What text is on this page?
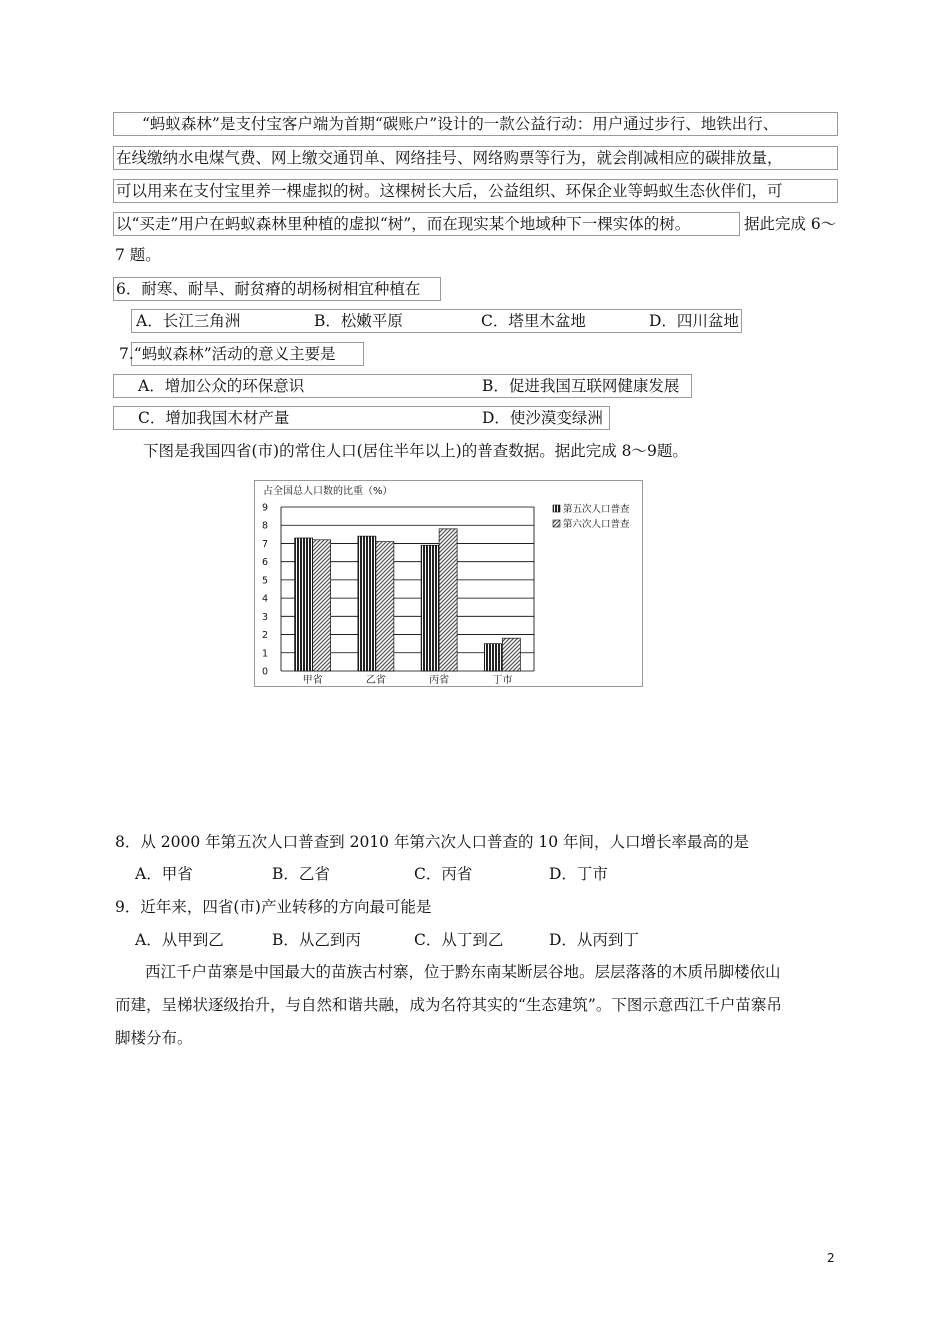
“蚂蚁森林”是支付宝客户端为首期“碳账户”设计的一款公益行动：用户通过步行、地铁出行、
在线缴纳水电煤气费、网上缴交通罚单、网络挂号、网络购票等行为，就会削减相应的碳排放量，
可以用来在支付宝里养一棵虚拟的树。这棵树长大后，公益组织、环保企业等蚂蚁生态伙伴们，可
以“买走”用户在蚂蚁森林里种植的虚拟“树”，而在现实某个地域种下一棵实体的树。	据此完成 6～
7 题。
6．耐寒、耐旱、耐贫瘠的胡杨树相宜种植在
A．长江三角洲	B．松嫩平原	C．塔里木盆地	D．四川盆地
7.“蚂蚁森林”活动的意义主要是
A．增加公众的环保意识	B．促进我国互联网健康发展
C．增加我国木材产量	D．使沙漠变绿洲
下图是我国四省(市)的常住人口(居住半年以上)的普查数据。据此完成 8～9题。
占全国总人口数的比重（%）
0
1
2
3
4
5
6
7
8
9
甲省	乙省	丙省	丁市
第五次人口普查
第六次人口普查
8．从 2000 年第五次人口普查到 2010 年第六次人口普查的 10 年间，人口增长率最高的是
A．甲省	B．乙省	C．丙省	D．丁市
9．近年来，四省(市)产业转移的方向最可能是
A．从甲到乙	B．从乙到丙	C．从丁到乙	D．从丙到丁
西江千户苗寨是中国最大的苗族古村寨，位于黔东南某断层谷地。层层落落的木质吊脚楼依山
而建，呈梯状逐级抬升，与自然和谐共融，成为名符其实的“生态建筑”。下图示意西江千户苗寨吊
脚楼分布。
2
